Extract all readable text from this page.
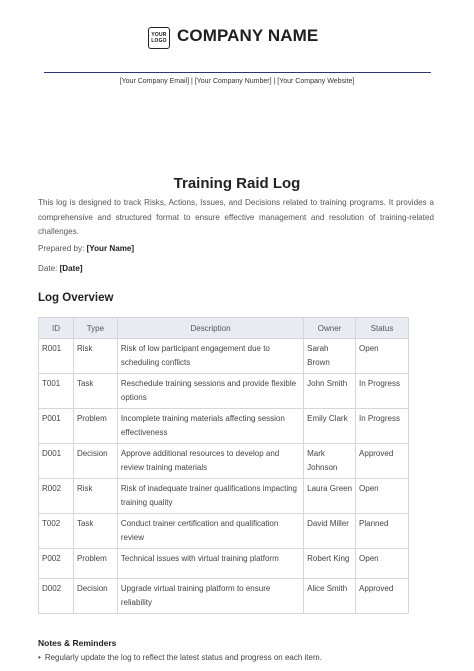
YOUR LOGO COMPANY NAME
[Your Company Email] | [Your Company Number] | [Your Company Website]
Training Raid Log
This log is designed to track Risks, Actions, Issues, and Decisions related to training programs. It provides a comprehensive and structured format to ensure effective management and resolution of training-related challenges.
Prepared by: [Your Name]
Date: [Date]
Log Overview
ID	Type	Description	Owner	Status
R001	Risk	Risk of low participant engagement due to scheduling conflicts	Sarah Brown	Open
T001	Task	Reschedule training sessions and provide flexible options	John Smith	In Progress
P001	Problem	Incomplete training materials affecting session effectiveness	Emily Clark	In Progress
D001	Decision	Approve additional resources to develop and review training materials	Mark Johnson	Approved
R002	Risk	Risk of inadequate trainer qualifications impacting training quality	Laura Green	Open
T002	Task	Conduct trainer certification and qualification review	David Miller	Planned
P002	Problem	Technical issues with virtual training platform	Robert King	Open
D002	Decision	Upgrade virtual training platform to ensure reliability	Alice Smith	Approved
Notes & Reminders
• Regularly update the log to reflect the latest status and progress on each item.
